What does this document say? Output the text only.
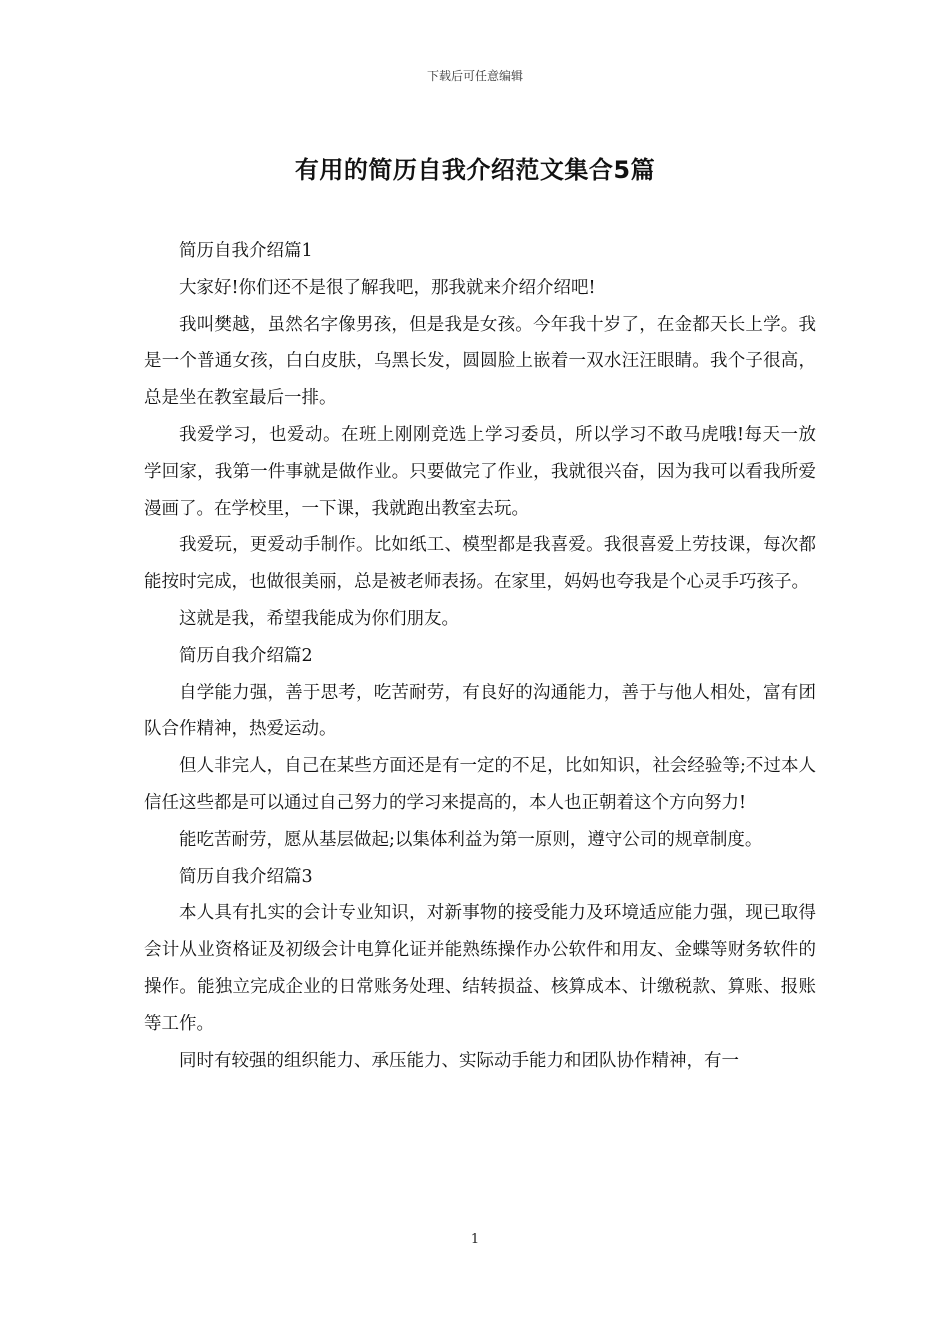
下载后可任意编辑
有用的简历自我介绍范文集合5篇

简历自我介绍篇1

大家好!你们还不是很了解我吧，那我就来介绍介绍吧!

我叫樊越，虽然名字像男孩，但是我是女孩。今年我十岁了，在金都天长上学。我是一个普通女孩，白白皮肤，乌黑长发，圆圆脸上嵌着一双水汪汪眼睛。我个子很高，总是坐在教室最后一排。

我爱学习，也爱动。在班上刚刚竞选上学习委员，所以学习不敢马虎哦!每天一放学回家，我第一件事就是做作业。只要做完了作业，我就很兴奋，因为我可以看我所爱漫画了。在学校里，一下课，我就跑出教室去玩。

我爱玩，更爱动手制作。比如纸工、模型都是我喜爱。我很喜爱上劳技课，每次都能按时完成，也做很美丽，总是被老师表扬。在家里，妈妈也夸我是个心灵手巧孩子。

这就是我，希望我能成为你们朋友。

简历自我介绍篇2

自学能力强，善于思考，吃苦耐劳，有良好的沟通能力，善于与他人相处，富有团队合作精神，热爱运动。

但人非完人，自己在某些方面还是有一定的不足，比如知识，社会经验等;不过本人信任这些都是可以通过自己努力的学习来提高的，本人也正朝着这个方向努力!

能吃苦耐劳，愿从基层做起;以集体利益为第一原则，遵守公司的规章制度。

简历自我介绍篇3

本人具有扎实的会计专业知识，对新事物的接受能力及环境适应能力强，现已取得会计从业资格证及初级会计电算化证并能熟练操作办公软件和用友、金蝶等财务软件的操作。能独立完成企业的日常账务处理、结转损益、核算成本、计缴税款、算账、报账等工作。

同时有较强的组织能力、承压能力、实际动手能力和团队协作精神，有一

1
